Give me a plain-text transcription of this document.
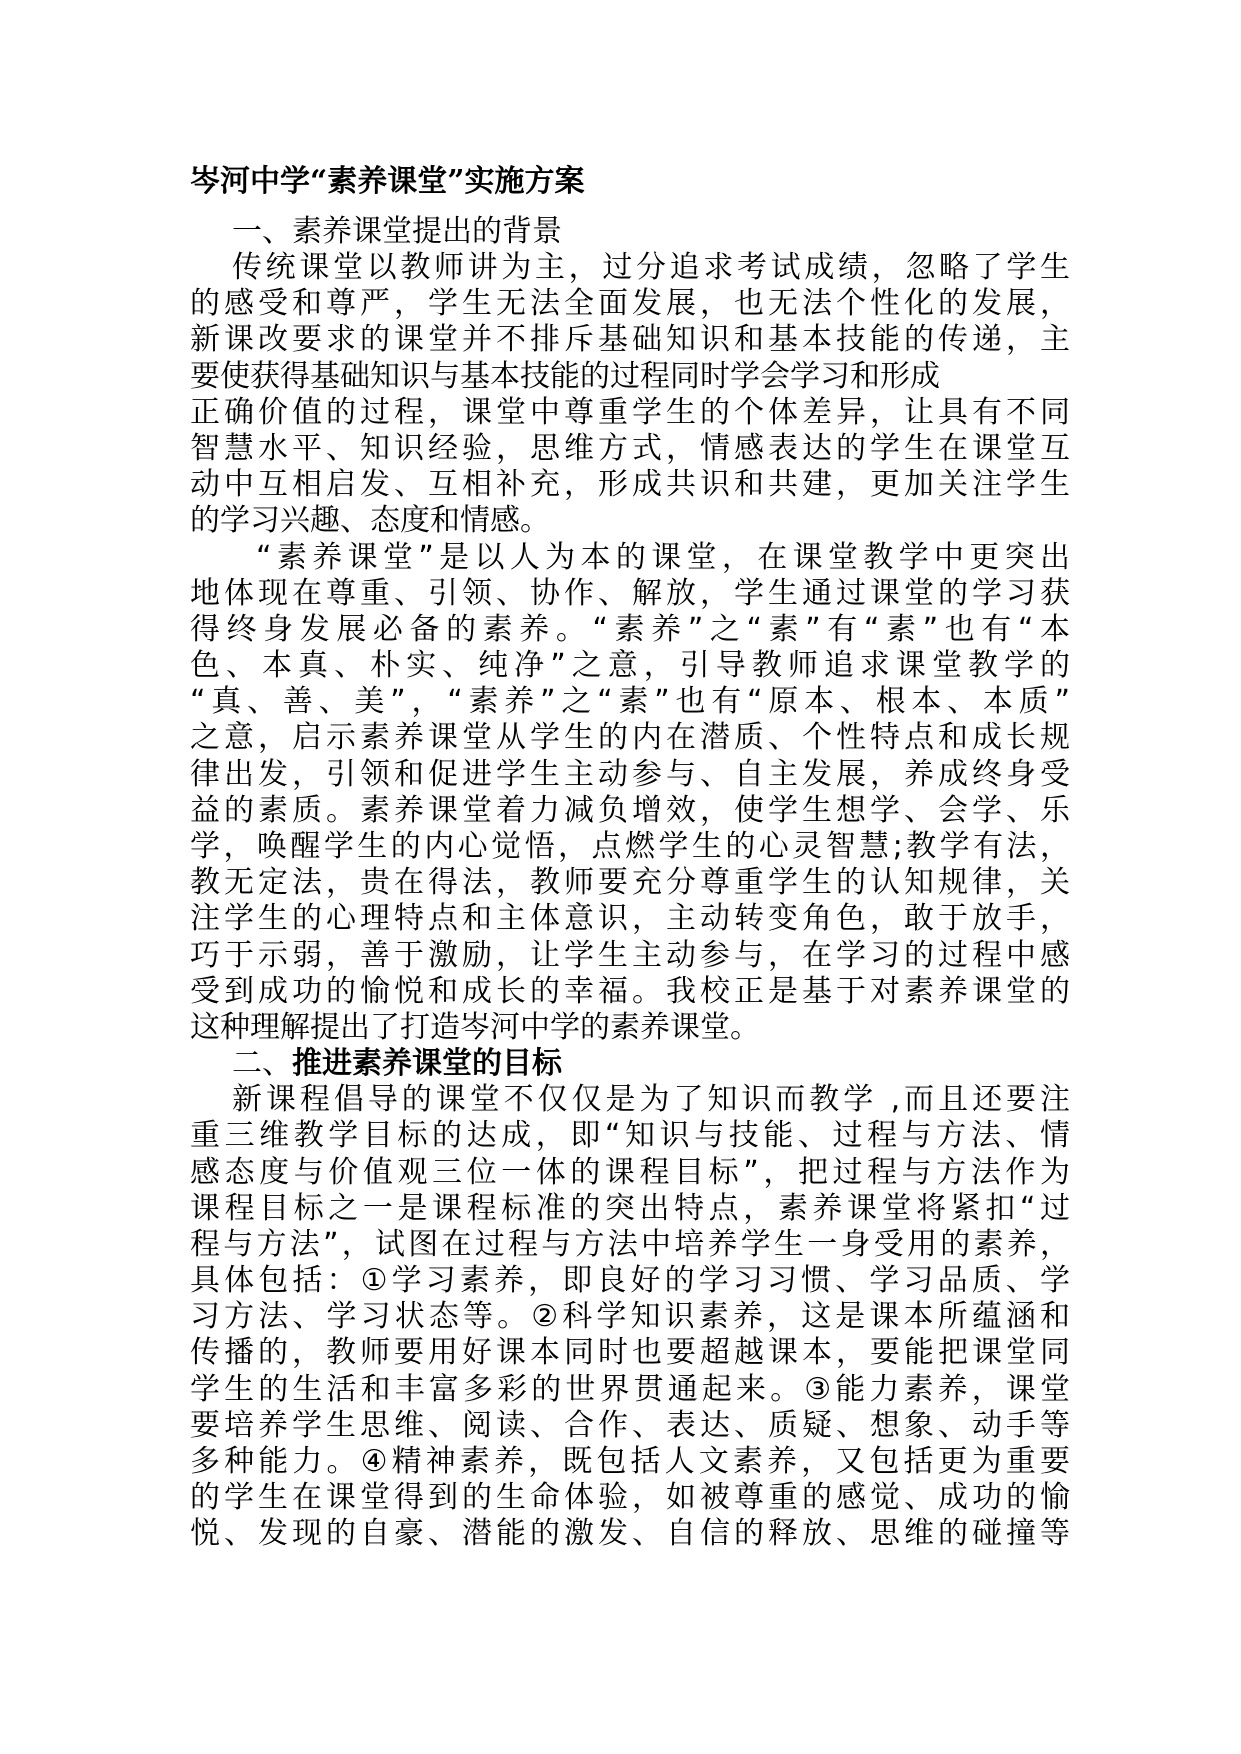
岑河中学“素养课堂”实施方案
一、素养课堂提出的背景
传统课堂以教师讲为主，过分追求考试成绩，忽略了学生
的感受和尊严，学生无法全面发展，也无法个性化的发展，
新课改要求的课堂并不排斥基础知识和基本技能的传递，主
要使获得基础知识与基本技能的过程同时学会学习和形成
正确价值的过程，课堂中尊重学生的个体差异，让具有不同
智慧水平、知识经验，思维方式，情感表达的学生在课堂互
动中互相启发、互相补充，形成共识和共建，更加关注学生
的学习兴趣、态度和情感。
“素养课堂”是以人为本的课堂，在课堂教学中更突出
地体现在尊重、引领、协作、解放，学生通过课堂的学习获
得终身发展必备的素养。“素养”之“素”有“素”也有“本
色、本真、朴实、纯净”之意，引导教师追求课堂教学的
“真、善、美”，“素养”之“素”也有“原本、根本、本质”
之意，启示素养课堂从学生的内在潜质、个性特点和成长规
律出发，引领和促进学生主动参与、自主发展，养成终身受
益的素质。素养课堂着力减负增效，使学生想学、会学、乐
学，唤醒学生的内心觉悟，点燃学生的心灵智慧;教学有法，
教无定法，贵在得法，教师要充分尊重学生的认知规律，关
注学生的心理特点和主体意识，主动转变角色，敢于放手，
巧于示弱，善于激励，让学生主动参与，在学习的过程中感
受到成功的愉悦和成长的幸福。我校正是基于对素养课堂的
这种理解提出了打造岑河中学的素养课堂。
二、推进素养课堂的目标
新课程倡导的课堂不仅仅是为了知识而教学 ,而且还要注
重三维教学目标的达成，即“知识与技能、过程与方法、情
感态度与价值观三位一体的课程目标”，把过程与方法作为
课程目标之一是课程标准的突出特点，素养课堂将紧扣“过
程与方法”，试图在过程与方法中培养学生一身受用的素养，
具体包括：①学习素养，即良好的学习习惯、学习品质、学
习方法、学习状态等。②科学知识素养，这是课本所蕴涵和
传播的，教师要用好课本同时也要超越课本，要能把课堂同
学生的生活和丰富多彩的世界贯通起来。③能力素养，课堂
要培养学生思维、阅读、合作、表达、质疑、想象、动手等
多种能力。④精神素养，既包括人文素养，又包括更为重要
的学生在课堂得到的生命体验，如被尊重的感觉、成功的愉
悦、发现的自豪、潜能的激发、自信的释放、思维的碰撞等
